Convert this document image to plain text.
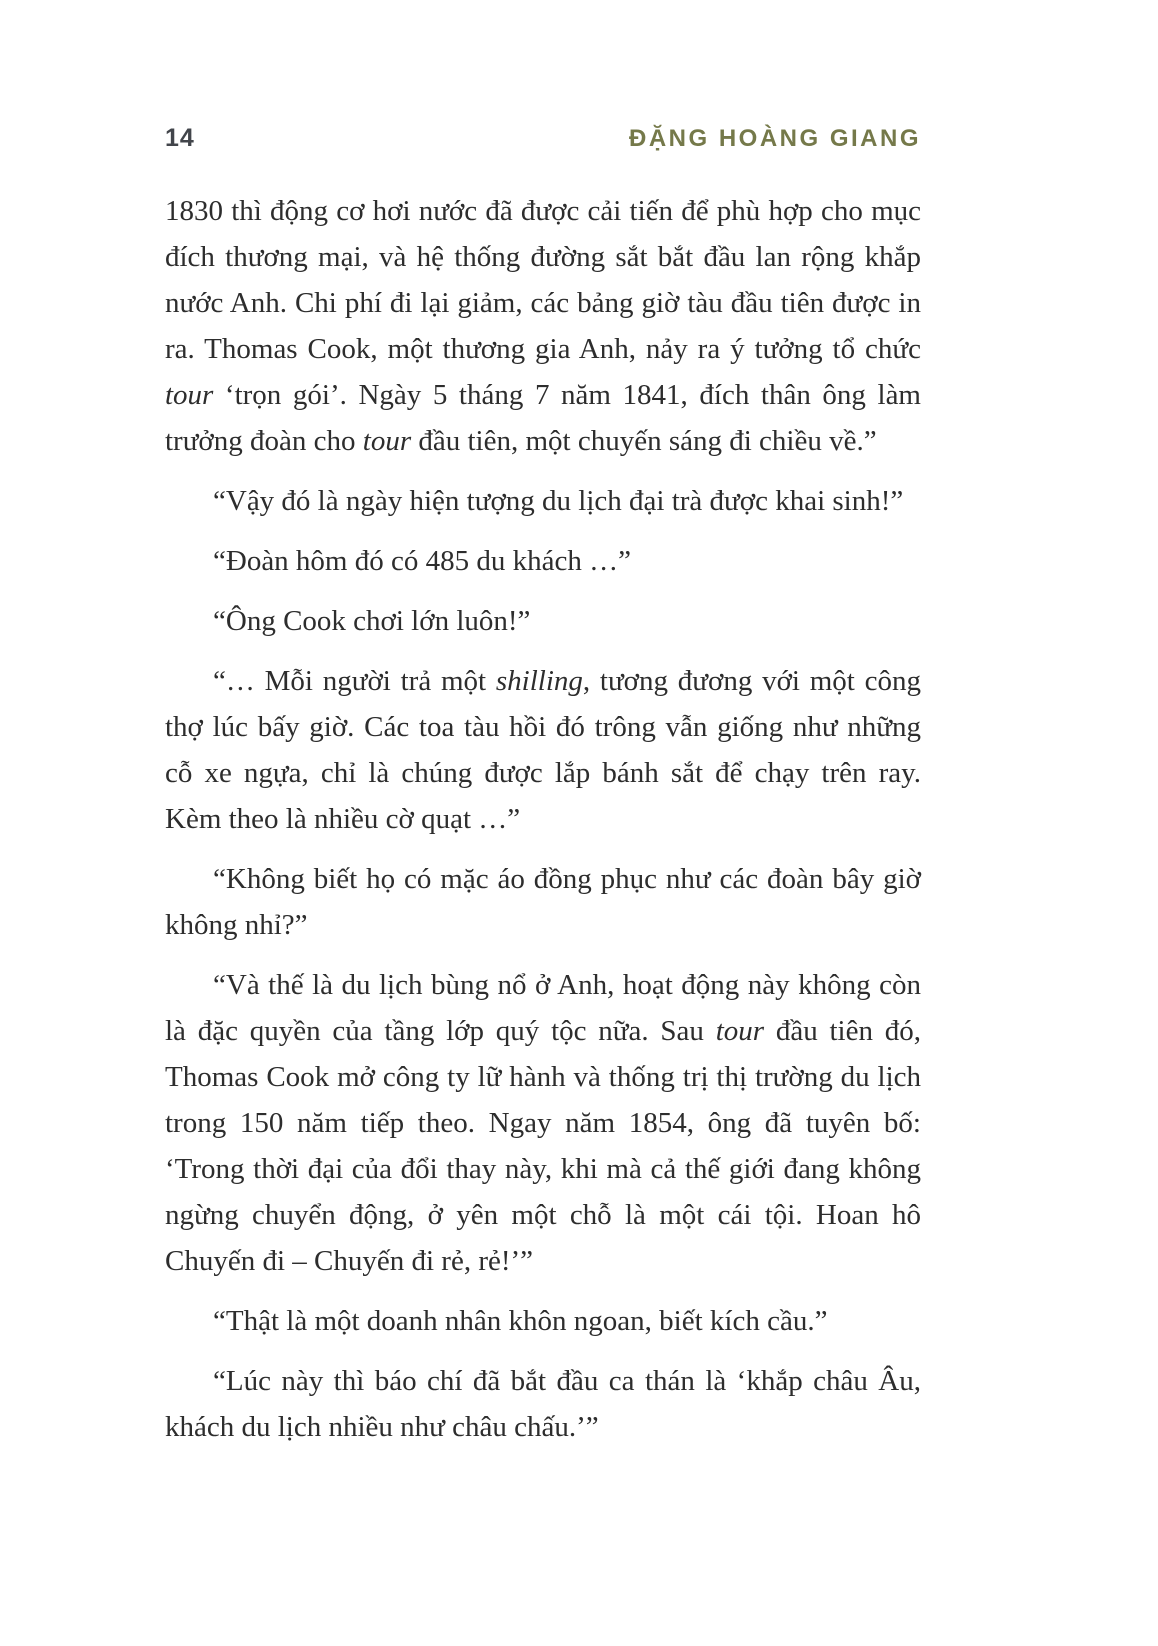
14	ĐẶNG HOÀNG GIANG

1830 thì động cơ hơi nước đã được cải tiến để phù hợp cho mục đích thương mại, và hệ thống đường sắt bắt đầu lan rộng khắp nước Anh. Chi phí đi lại giảm, các bảng giờ tàu đầu tiên được in ra. Thomas Cook, một thương gia Anh, nảy ra ý tưởng tổ chức tour ‘trọn gói’. Ngày 5 tháng 7 năm 1841, đích thân ông làm trưởng đoàn cho tour đầu tiên, một chuyến sáng đi chiều về.”

“Vậy đó là ngày hiện tượng du lịch đại trà được khai sinh!”

“Đoàn hôm đó có 485 du khách …”

“Ông Cook chơi lớn luôn!”

“… Mỗi người trả một shilling, tương đương với một công thợ lúc bấy giờ. Các toa tàu hồi đó trông vẫn giống như những cỗ xe ngựa, chỉ là chúng được lắp bánh sắt để chạy trên ray. Kèm theo là nhiều cờ quạt …”

“Không biết họ có mặc áo đồng phục như các đoàn bây giờ không nhỉ?”

“Và thế là du lịch bùng nổ ở Anh, hoạt động này không còn là đặc quyền của tầng lớp quý tộc nữa. Sau tour đầu tiên đó, Thomas Cook mở công ty lữ hành và thống trị thị trường du lịch trong 150 năm tiếp theo. Ngay năm 1854, ông đã tuyên bố: ‘Trong thời đại của đổi thay này, khi mà cả thế giới đang không ngừng chuyển động, ở yên một chỗ là một cái tội. Hoan hô Chuyến đi – Chuyến đi rẻ, rẻ!’”

“Thật là một doanh nhân khôn ngoan, biết kích cầu.”

“Lúc này thì báo chí đã bắt đầu ca thán là ‘khắp châu Âu, khách du lịch nhiều như châu chấu.’”
